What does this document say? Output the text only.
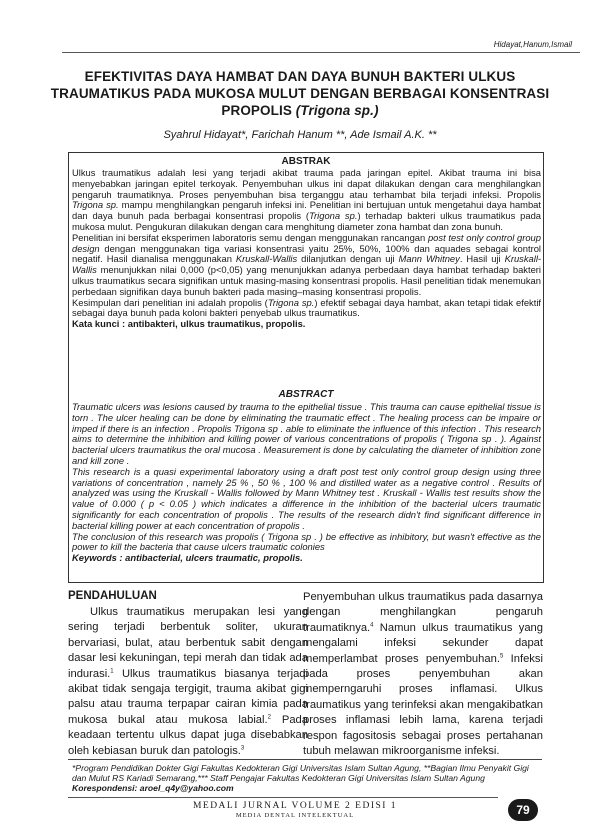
Hidayat,Hanum,Ismail
EFEKTIVITAS DAYA HAMBAT DAN DAYA BUNUH BAKTERI ULKUS
TRAUMATIKUS PADA MUKOSA MULUT DENGAN BERBAGAI KONSENTRASI
PROPOLIS (Trigona sp.)
Syahrul Hidayat*, Farichah Hanum **, Ade Ismail A.K. **
ABSTRAK

Ulkus traumatikus adalah lesi yang terjadi akibat trauma pada jaringan epitel. Akibat trauma ini bisa menyebabkan jaringan epitel terkoyak. Penyembuhan ulkus ini dapat dilakukan dengan cara menghilangkan pengaruh traumatiknya. Proses penyembuhan bisa terganggu atau terhambat bila terjadi infeksi. Propolis Trigona sp. mampu menghilangkan pengaruh infeksi ini. Penelitian ini bertujuan untuk mengetahui daya hambat dan daya bunuh pada berbagai konsentrasi propolis (Trigona sp.) terhadap bakteri ulkus traumatikus pada mukosa mulut. Pengukuran dilakukan dengan cara menghitung diameter zona hambat dan zona bunuh.

Penelitian ini bersifat eksperimen laboratoris semu dengan menggunakan rancangan post test only control group design dengan menggunakan tiga variasi konsentrasi yaitu 25%, 50%, 100% dan aquades sebagai kontrol negatif. Hasil dianalisa menggunakan Kruskall-Wallis dilanjutkan dengan uji Mann Whitney. Hasil uji Kruskall-Wallis menunjukkan nilai 0,000 (p<0,05) yang menunjukkan adanya perbedaan daya hambat terhadap bakteri ulkus traumatikus secara signifikan untuk masing-masing konsentrasi propolis. Hasil penelitian tidak menemukan perbedaan signifikan daya bunuh bakteri pada masing–masing konsentrasi propolis.

Kesimpulan dari penelitian ini adalah propolis (Trigona sp.) efektif sebagai daya hambat, akan tetapi tidak efektif sebagai daya bunuh pada koloni bakteri penyebab ulkus traumatikus.

Kata kunci : antibakteri, ulkus traumatikus, propolis.

ABSTRACT

Traumatic ulcers was lesions caused by trauma to the epithelial tissue . This trauma can cause epithelial tissue is torn . The ulcer healing can be done by eliminating the traumatic effect . The healing process can be impaire or imped if there is an infection . Propolis Trigona sp . able to eliminate the influence of this infection . This research aims to determine the inhibition and killing power of various concentrations of propolis ( Trigona sp . ). Against bacterial ulcers traumatikus the oral mucosa . Measurement is done by calculating the diameter of inhibition zone and kill zone .

This research is a quasi experimental laboratory using a draft post test only control group design using three variations of concentration , namely 25 % , 50 % , 100 % and distilled water as a negative control . Results of analyzed was using the Kruskall - Wallis followed by Mann Whitney test . Kruskall - Wallis test results show the value of 0.000 ( p < 0.05 ) which indicates a difference in the inhibition of the bacterial ulcers traumatic significantly for each concentration of propolis . The results of the research didn't find significant difference in bacterial killing power at each concentration of propolis .

The conclusion of this research was propolis ( Trigona sp . ) be effective as inhibitory, but wasn't effective as the power to kill the bacteria that cause ulcers traumatic colonies

Keywords : antibacterial, ulcers traumatic, propolis.

PENDAHULUAN

Ulkus traumatikus merupakan lesi yang sering terjadi berbentuk soliter, ukuran bervariasi, bulat, atau berbentuk sabit dengan dasar lesi kekuningan, tepi merah dan tidak ada indurasi.$^1$ Ulkus traumatikus biasanya terjadi akibat tidak sengaja tergigit, trauma akibat gigi palsu atau trauma terpapar cairan kimia pada mukosa bukal atau mukosa labial.$^2$ Pada keadaan tertentu ulkus dapat juga disebabkan oleh kebiasan buruk dan patologis.$^3$

Penyembuhan ulkus traumatikus pada dasarnya dengan menghilangkan pengaruh traumatiknya.$^4$ Namun ulkus traumatikus yang mengalami infeksi sekunder dapat memperlambat proses penyembuhan.$^5$ Infeksi pada proses penyembuhan akan memperngaruhi proses inflamasi. Ulkus traumatikus yang terinfeksi akan mengakibatkan proses inflamasi lebih lama, karena terjadi respon fagositosis sebagai proses pertahanan tubuh melawan mikroorganisme infeksi.

*Program Pendidikan Dokter Gigi Fakultas Kedokteran Gigi Universitas Islam Sultan Agung, **Bagian Ilmu Penyakit Gigi dan Mulut RS Kariadi Semarang,*** Staff Pengajar Fakultas Kedokteran Gigi Universitas Islam Sultan Agung
Korespondensi: aroel_q4y@yahoo.com
MEDALI JURNAL VOLUME 2 EDISI 1
MEDIA DENTAL INTELEKTUAL	79
